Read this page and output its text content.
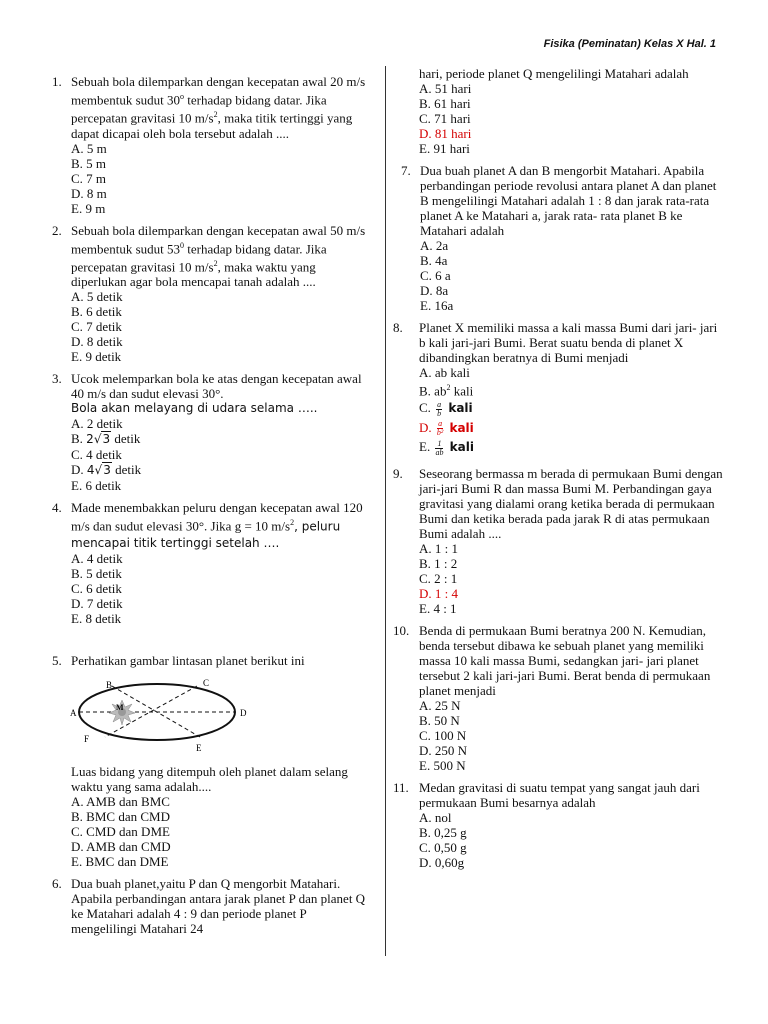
Fisika (Peminatan) Kelas X Hal. 1
1. Sebuah bola dilemparkan dengan kecepatan awal 20 m/s membentuk sudut 30$^o$ terhadap bidang datar. Jika percepatan gravitasi 10 $m/s^2$, maka titik tertinggi yang dapat dicapai oleh bola tersebut adalah ....
A. 5 m
B. 5 m
C. 7 m
D. 8 m
E. 9 m
2. Sebuah bola dilemparkan dengan kecepatan awal 50 m/s membentuk sudut $53^0$ terhadap bidang datar. Jika percepatan gravitasi 10 $m/s^2$, maka waktu yang diperlukan agar bola mencapai tanah adalah ....
A. 5 detik
B. 6 detik
C. 7 detik
D. 8 detik
E. 9 detik
3. Ucok melemparkan bola ke atas dengan kecepatan awal 40 m/s dan sudut elevasi 30°.
Bola akan melayang di udara selama …..
A. 2 detik
B. 2√3 detik
C. 4 detik
D. 4√3 detik
E. 6 detik
4. Made menembakkan peluru dengan kecepatan awal 120 m/s dan sudut elevasi 30°. Jika g = 10 $m/s^2$, peluru mencapai titik tertinggi setelah ….
A. 4 detik
B. 5 detik
C. 6 detik
D. 7 detik
E. 8 detik
5. Perhatikan gambar lintasan planet berikut ini
B	C
A	D
E
F
M
Luas bidang yang ditempuh oleh planet dalam selang waktu yang sama adalah....
A. AMB dan BMC
B. BMC dan CMD
C. CMD dan DME
D. AMB dan CMD
E. BMC dan DME
6. Dua buah planet,yaitu P dan Q mengorbit Matahari. Apabila perbandingan antara jarak planet P dan planet Q ke Matahari adalah 4 : 9 dan periode planet P mengelilingi Matahari 24
hari, periode planet Q mengelilingi Matahari adalah
A. 51 hari
B. 61 hari
C. 71 hari
D. 81 hari
E. 91 hari
7. Dua buah planet A dan B mengorbit Matahari. Apabila perbandingan periode revolusi antara planet A dan planet B mengelilingi Matahari adalah 1 : 8 dan jarak rata-rata planet A ke Matahari a, jarak rata- rata planet B ke Matahari adalah
A. 2a
B. 4a
C. 6 a
D. 8a
E. 16a
8.	Planet X memiliki massa a kali massa Bumi dari jari- jari b kali jari-jari Bumi. Berat suatu benda di planet X dibandingkan beratnya di Bumi menjadi
A. ab kali
B. $ab^2$ kali
C. $\frac{a}{b}$ kali
D. $\frac{a}{\text{b²}}$ kali
E. $\frac{1}{ab}$ kali
9.	Seseorang bermassa m berada di permukaan Bumi dengan jari-jari Bumi R dan massa Bumi M. Perbandingan gaya gravitasi yang dialami orang ketika berada di permukaan Bumi dan ketika berada pada jarak R di atas permukaan Bumi adalah ....
A. 1 : 1
B. 1 : 2
C. 2 : 1
D. 1 : 4
E. 4 : 1
10. Benda di permukaan Bumi beratnya 200 N. Kemudian, benda tersebut dibawa ke sebuah planet yang memiliki massa 10 kali massa Bumi, sedangkan jari- jari planet tersebut 2 kali jari-jari Bumi. Berat benda di permukaan planet menjadi
A. 25 N
B. 50 N
C. 100 N
D. 250 N
E. 500 N
11. Medan gravitasi di suatu tempat yang sangat jauh dari permukaan Bumi besarnya adalah
A. nol
B. 0,25 g
C. 0,50 g
D. 0,60g
